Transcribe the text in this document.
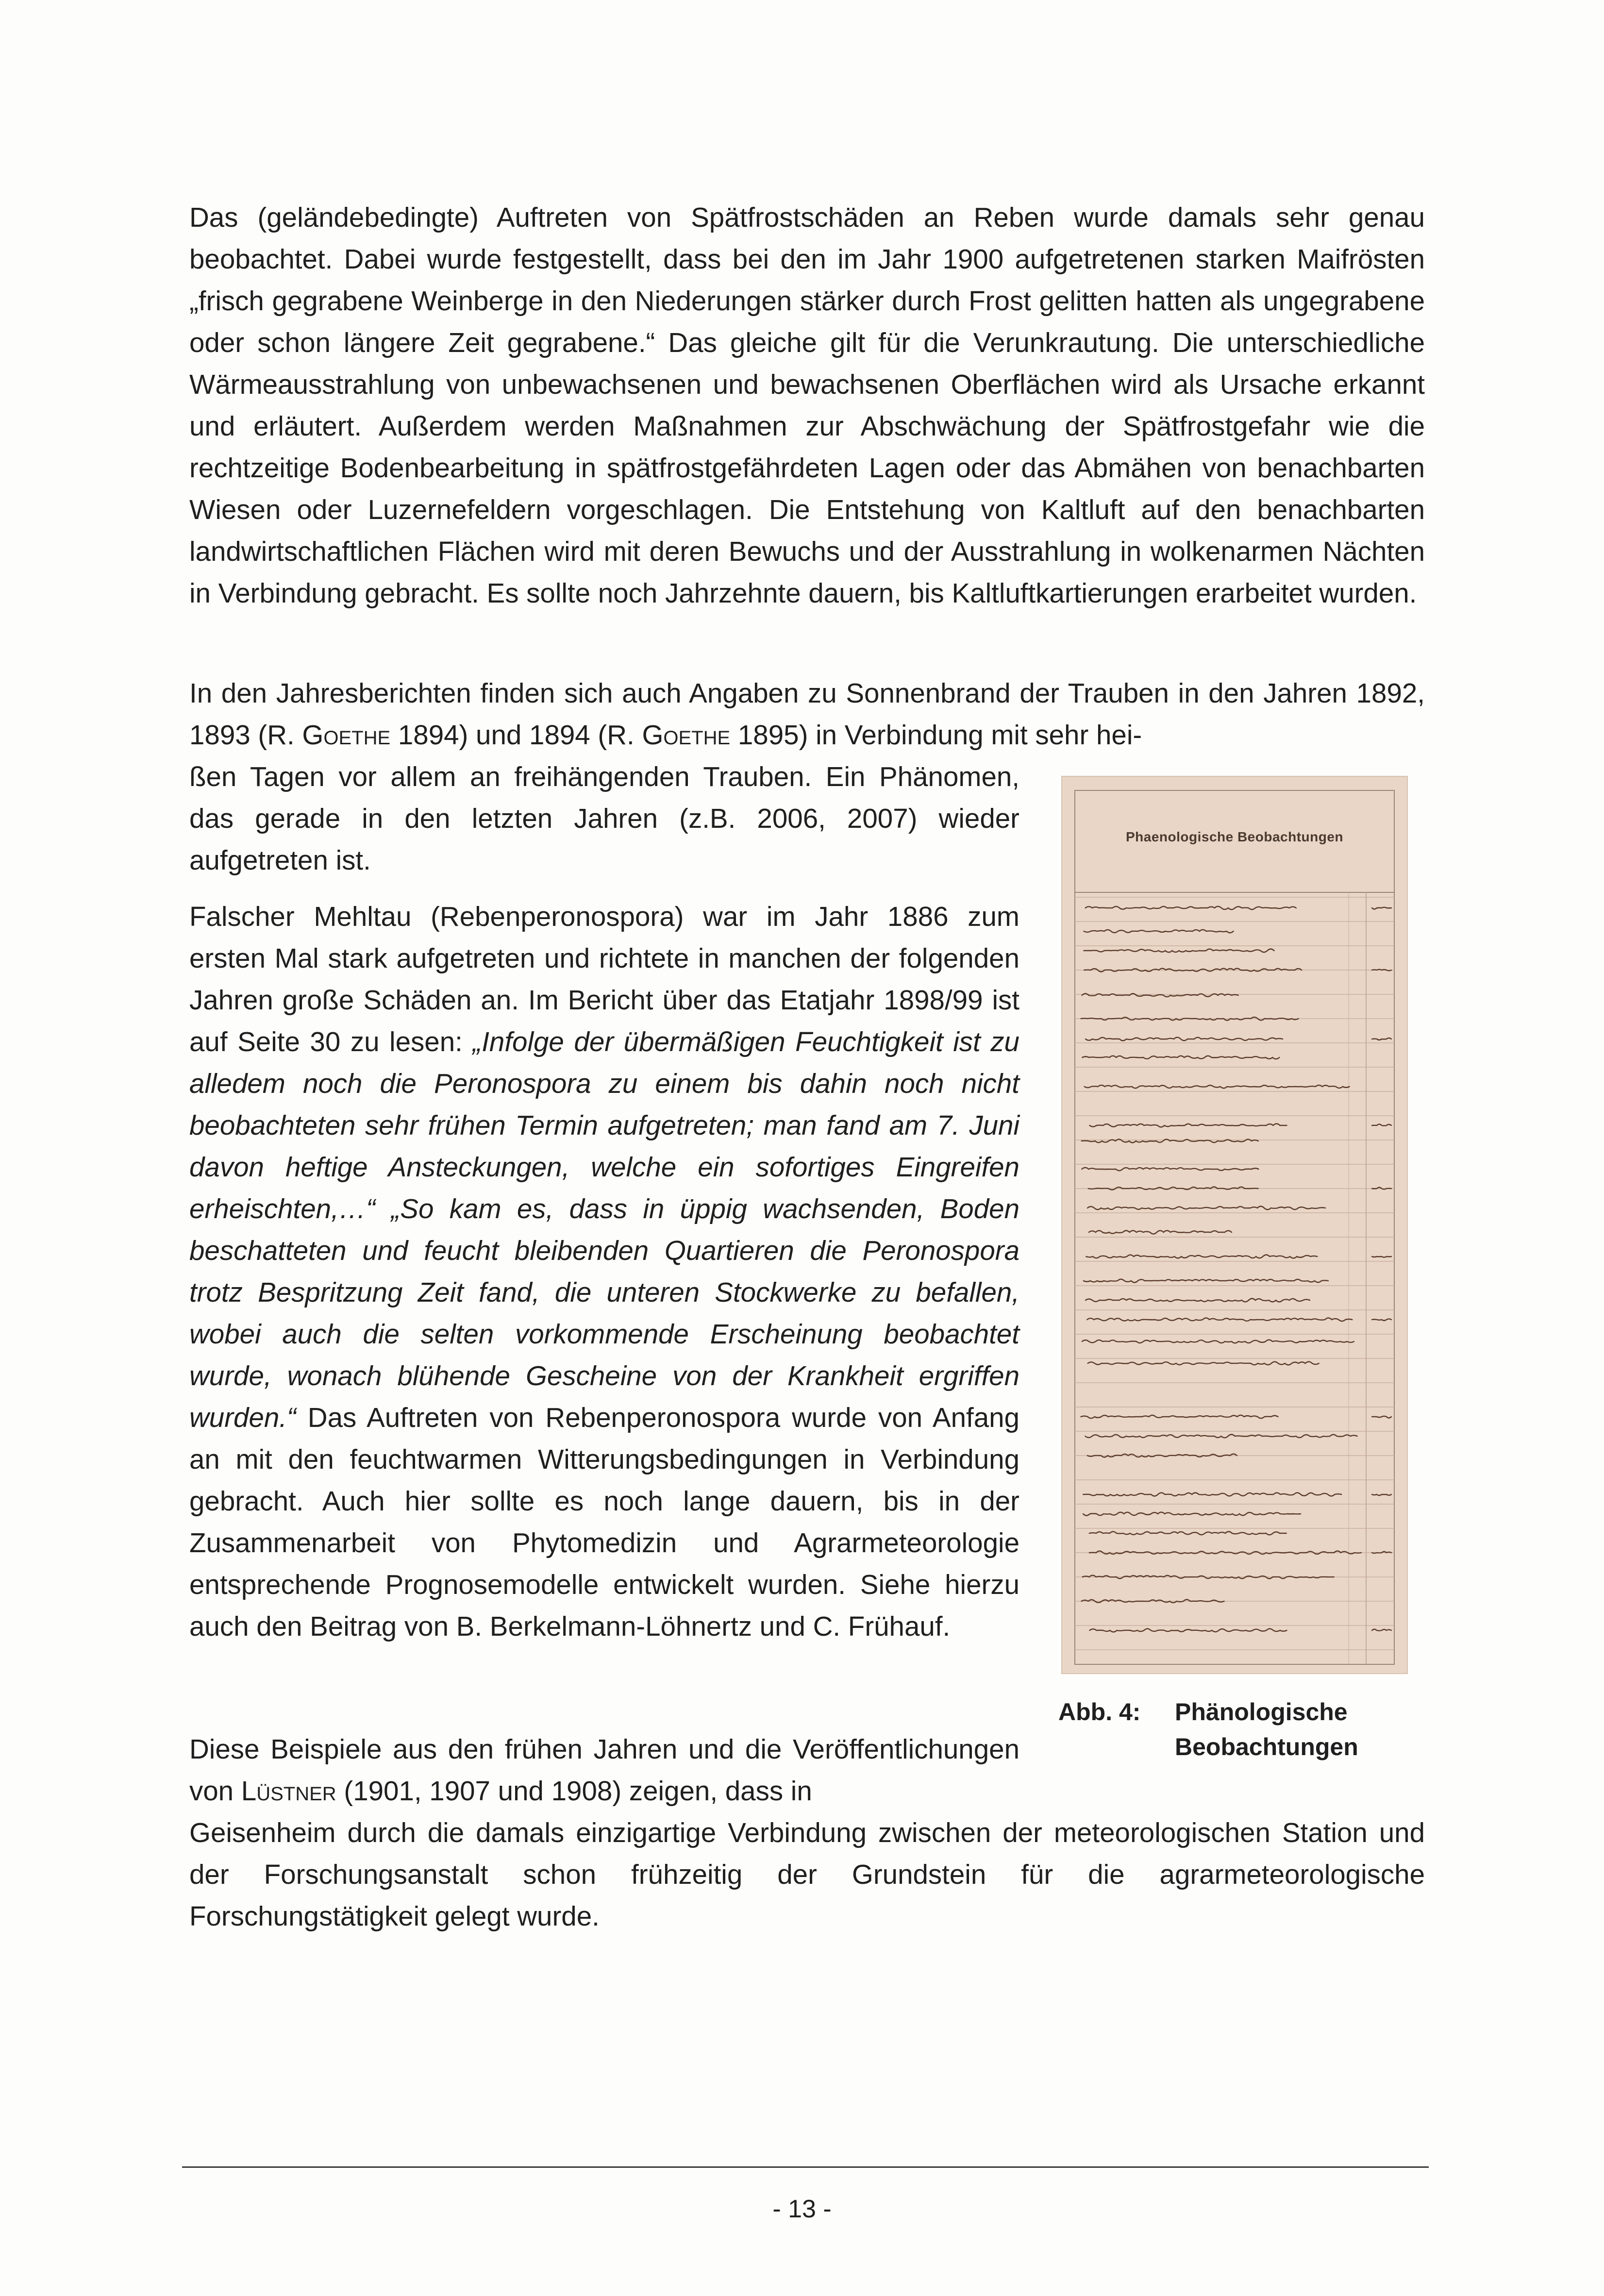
Das (geländebedingte) Auftreten von Spätfrostschäden an Reben wurde damals sehr genau beobachtet. Dabei wurde festgestellt, dass bei den im Jahr 1900 aufgetretenen starken Maifrösten „frisch gegrabene Weinberge in den Niederungen stärker durch Frost gelitten hatten als ungegrabene oder schon längere Zeit gegrabene.“ Das gleiche gilt für die Verunkrautung. Die unterschiedliche Wärmeausstrahlung von unbewachsenen und bewachsenen Oberflächen wird als Ursache erkannt und erläutert. Außerdem werden Maßnahmen zur Abschwächung der Spätfrostgefahr wie die rechtzeitige Bodenbearbeitung in spätfrostgefährdeten Lagen oder das Abmähen von benachbarten Wiesen oder Luzernefeldern vorgeschlagen. Die Entstehung von Kaltluft auf den benachbarten landwirtschaftlichen Flächen wird mit deren Bewuchs und der Ausstrahlung in wolkenarmen Nächten in Verbindung gebracht. Es sollte noch Jahrzehnte dauern, bis Kaltluftkartierungen erarbeitet wurden.

In den Jahresberichten finden sich auch Angaben zu Sonnenbrand der Trauben in den Jahren 1892, 1893 (R. Goethe 1894) und 1894 (R. Goethe 1895) in Verbindung mit sehr hei-

ßen Tagen vor allem an freihängenden Trauben. Ein Phänomen, das gerade in den letzten Jahren (z.B. 2006, 2007) wieder aufgetreten ist.

Falscher Mehltau (Rebenperonospora) war im Jahr 1886 zum ersten Mal stark aufgetreten und richtete in manchen der folgenden Jahren große Schäden an. Im Bericht über das Etatjahr 1898/99 ist auf Seite 30 zu lesen: „Infolge der übermäßigen Feuchtigkeit ist zu alledem noch die Peronospora zu einem bis dahin noch nicht beobachteten sehr frühen Termin aufgetreten; man fand am 7. Juni davon heftige Ansteckungen, welche ein sofortiges Eingreifen erheischten,…“ „So kam es, dass in üppig wachsenden, Boden beschatteten und feucht bleibenden Quartieren die Peronospora trotz Bespritzung Zeit fand, die unteren Stockwerke zu befallen, wobei auch die selten vorkommende Erscheinung beobachtet wurde, wonach blühende Gescheine von der Krankheit ergriffen wurden.“ Das Auftreten von Rebenperonospora wurde von Anfang an mit den feuchtwarmen Witterungsbedingungen in Verbindung gebracht. Auch hier sollte es noch lange dauern, bis in der Zusammenarbeit von Phytomedizin und Agrarmeteorologie entsprechende Prognosemodelle entwickelt wurden. Siehe hierzu auch den Beitrag von B. Berkelmann-Löhnertz und C. Frühauf.

Diese Beispiele aus den frühen Jahren und die Veröffentlichungen von Lüstner (1901, 1907 und 1908) zeigen, dass in

Geisenheim durch die damals einzigartige Verbindung zwischen der meteorologischen Station und der Forschungsanstalt schon frühzeitig der Grundstein für die agrarmeteorologische Forschungstätigkeit gelegt wurde.

Phaenologische Beobachtungen
Abb. 4: Phänologische
Beobachtungen
- 13 -
